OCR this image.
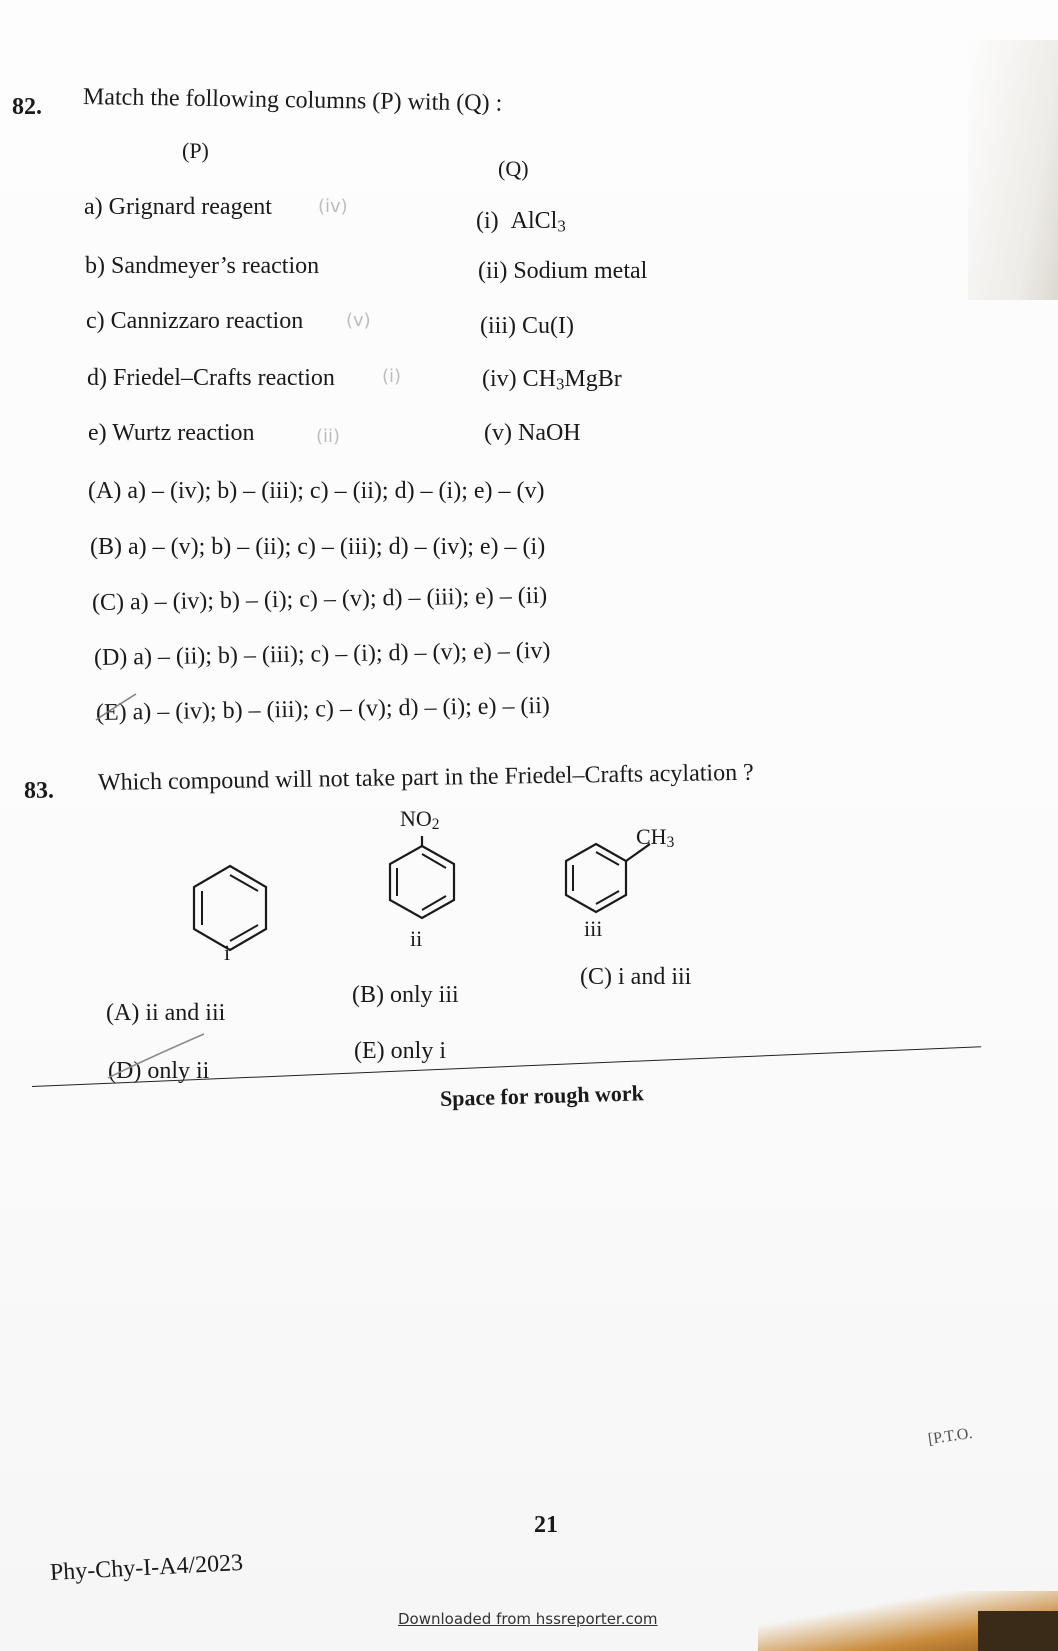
82. Match the following columns (P) with (Q) :
(P)
(Q)
a) Grignard reagent
b) Sandmeyer’s reaction
c) Cannizzaro reaction
d) Friedel–Crafts reaction
e) Wurtz reaction
(iv)
(v)
(i)
(ii)
(i) AlCl$_3$
(ii) Sodium metal
(iii) Cu(I)
(iv) $CH_3MgBr$
(v) NaOH
(A) a) – (iv); b) – (iii); c) – (ii); d) – (i); e) – (v)
(B) a) – (v); b) – (ii); c) – (iii); d) – (iv); e) – (i)
(C) a) – (iv); b) – (i); c) – (v); d) – (iii); e) – (ii)
(D) a) – (ii); b) – (iii); c) – (i); d) – (v); e) – (iv)
(E) a) – (iv); b) – (iii); c) – (v); d) – (i); e) – (ii)
83. Which compound will not take part in the Friedel–Crafts acylation ?
i
$NO_2$
ii
$CH_3$
iii
(A) ii and iii
(B) only iii
(C) i and iii
(D) only ii
(E) only i
Space for rough work
[P.T.O.
21
Phy-Chy-I-A4/2023
Downloaded from hssreporter.com
